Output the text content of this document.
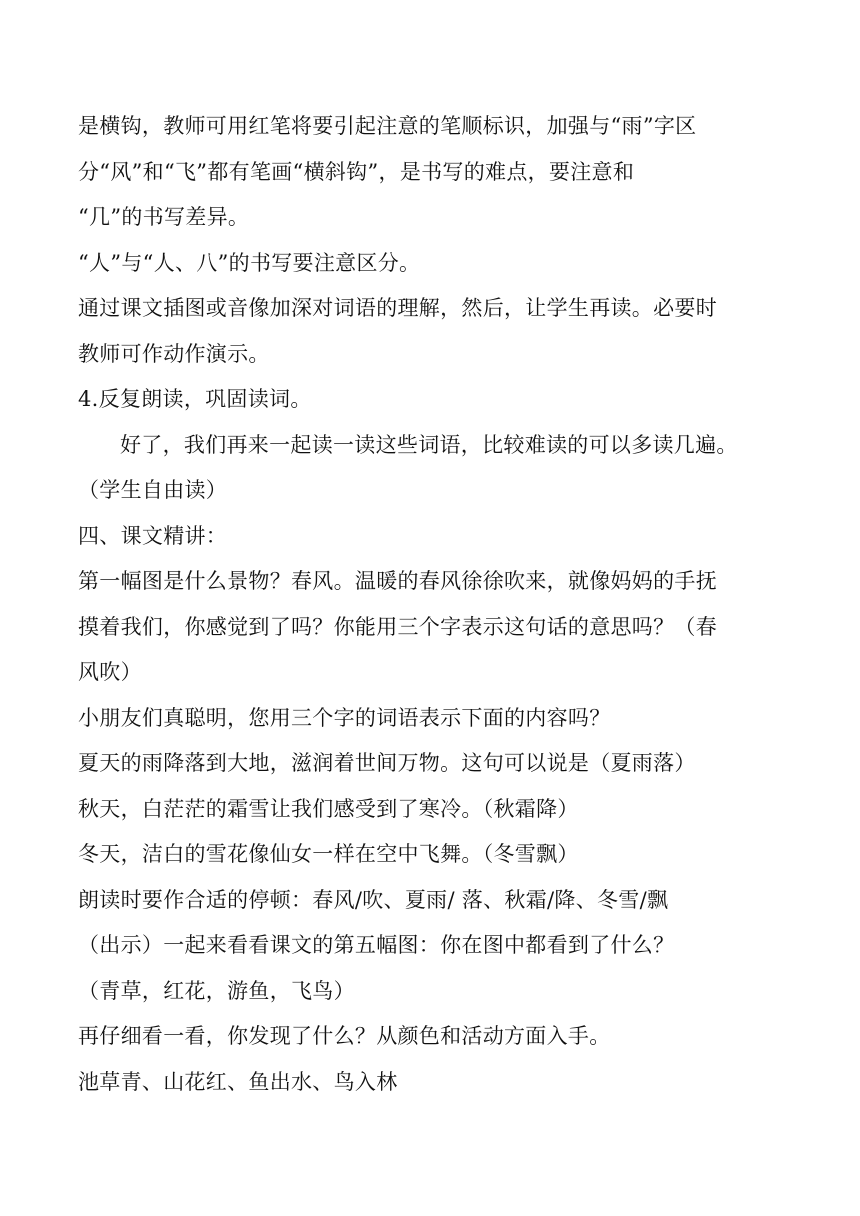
是横钩，教师可用红笔将要引起注意的笔顺标识，加强与“雨”字区
分“风”和“飞”都有笔画“横斜钩”，是书写的难点，要注意和
“几”的书写差异。
“人”与“人、八”的书写要注意区分。
通过课文插图或音像加深对词语的理解，然后，让学生再读。必要时
教师可作动作演示。
4.反复朗读，巩固读词。
好了，我们再来一起读一读这些词语，比较难读的可以多读几遍。
（学生自由读）
四、课文精讲：
第一幅图是什么景物？春风。温暖的春风徐徐吹来，就像妈妈的手抚
摸着我们，你感觉到了吗？你能用三个字表示这句话的意思吗？（春
风吹）
小朋友们真聪明，您用三个字的词语表示下面的内容吗？
夏天的雨降落到大地，滋润着世间万物。这句可以说是（夏雨落）
秋天，白茫茫的霜雪让我们感受到了寒冷。（秋霜降）
冬天，洁白的雪花像仙女一样在空中飞舞。（冬雪飘）
朗读时要作合适的停顿：春风/吹、夏雨/ 落、秋霜/降、冬雪/飘
（出示）一起来看看课文的第五幅图：你在图中都看到了什么？
（青草，红花，游鱼，飞鸟）
再仔细看一看，你发现了什么？从颜色和活动方面入手。
池草青、山花红、鱼出水、鸟入林
